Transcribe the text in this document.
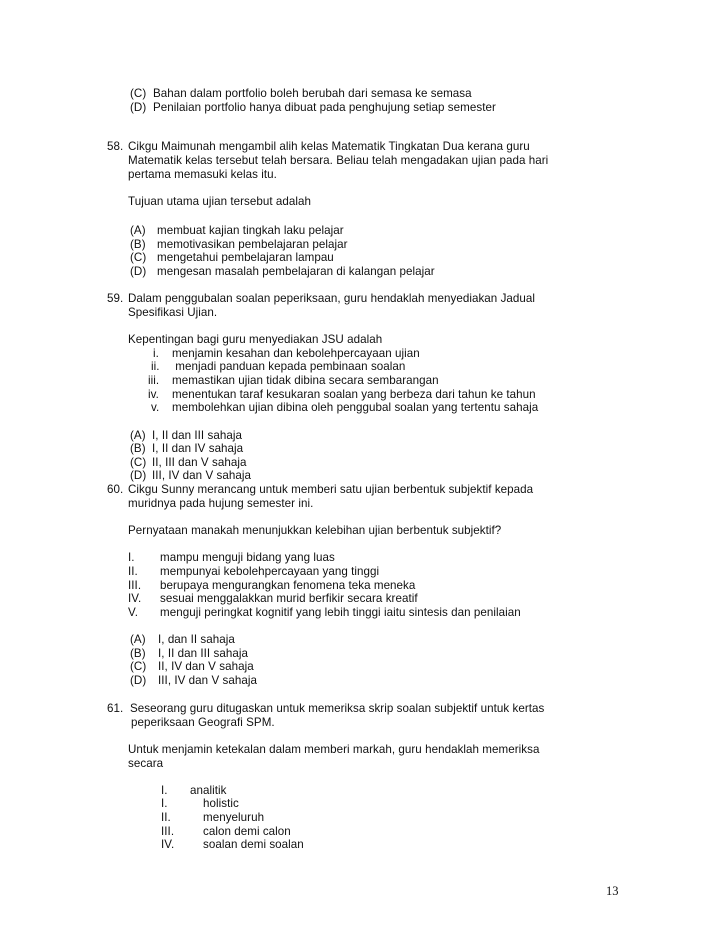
(C) Bahan dalam portfolio boleh berubah dari semasa ke semasa
(D) Penilaian portfolio hanya dibuat pada penghujung setiap semester
58. Cikgu Maimunah mengambil alih kelas Matematik Tingkatan Dua kerana guru
Matematik kelas tersebut telah bersara. Beliau telah mengadakan ujian pada hari
pertama memasuki kelas itu.
Tujuan utama ujian tersebut adalah
(A) membuat kajian tingkah laku pelajar
(B) memotivasikan pembelajaran pelajar
(C) mengetahui pembelajaran lampau
(D) mengesan masalah pembelajaran di kalangan pelajar
59. Dalam penggubalan soalan peperiksaan, guru hendaklah menyediakan Jadual
Spesifikasi Ujian.
Kepentingan bagi guru menyediakan JSU adalah
i. menjamin kesahan dan kebolehpercayaan ujian
ii. menjadi panduan kepada pembinaan soalan
iii. memastikan ujian tidak dibina secara sembarangan
iv. menentukan taraf kesukaran soalan yang berbeza dari tahun ke tahun
v. membolehkan ujian dibina oleh penggubal soalan yang tertentu sahaja
(A) I, II dan III sahaja
(B) I, II dan IV sahaja
(C) II, III dan V sahaja
(D) III, IV dan V sahaja
60. Cikgu Sunny merancang untuk memberi satu ujian berbentuk subjektif kepada
muridnya pada hujung semester ini.
Pernyataan manakah menunjukkan kelebihan ujian berbentuk subjektif?
I. mampu menguji bidang yang luas
II. mempunyai kebolehpercayaan yang tinggi
III. berupaya mengurangkan fenomena teka meneka
IV. sesuai menggalakkan murid berfikir secara kreatif
V. menguji peringkat kognitif yang lebih tinggi iaitu sintesis dan penilaian
(A) I, dan II sahaja
(B) I, II dan III sahaja
(C) II, IV dan V sahaja
(D) III, IV dan V sahaja
61. Seseorang guru ditugaskan untuk memeriksa skrip soalan subjektif untuk kertas
peperiksaan Geografi SPM.
Untuk menjamin ketekalan dalam memberi markah, guru hendaklah memeriksa
secara
I. analitik
I.	holistic
II.	menyeluruh
III. calon demi calon
IV. soalan demi soalan
13
